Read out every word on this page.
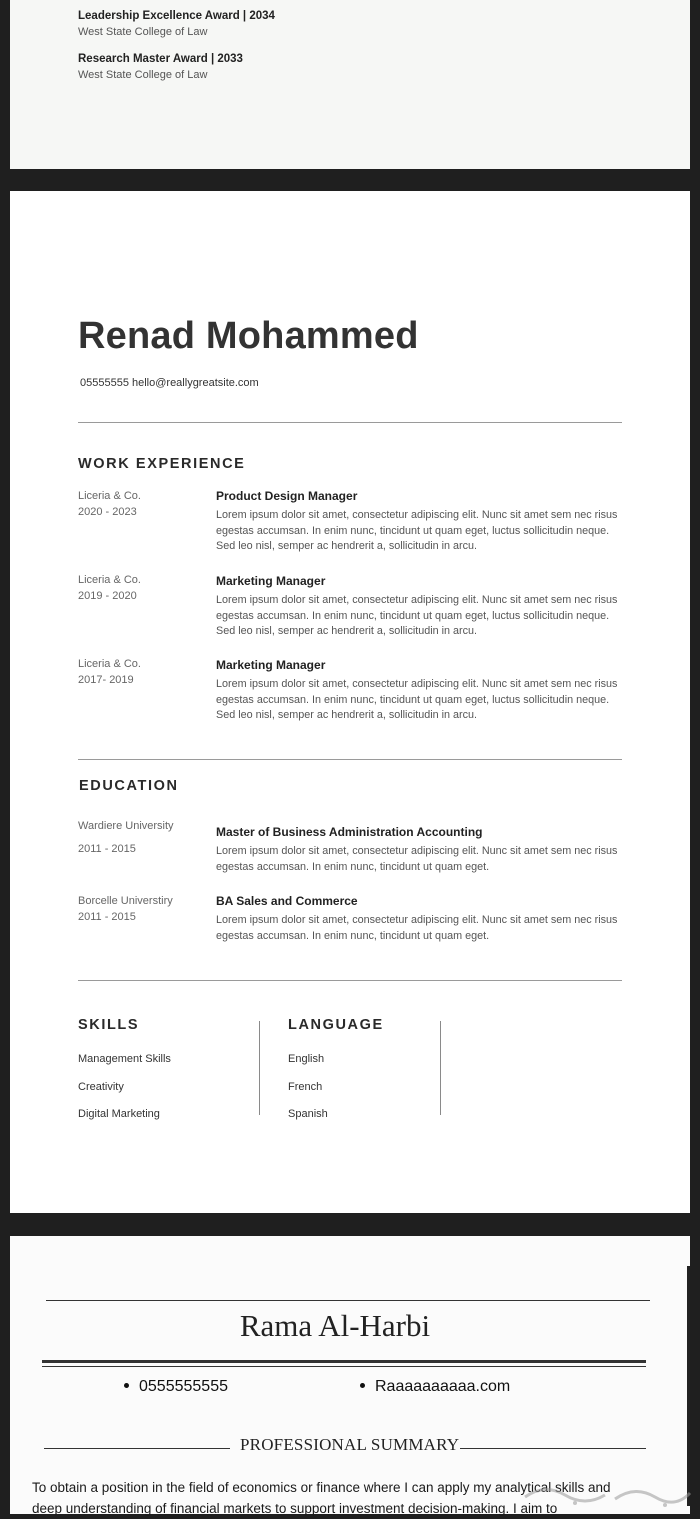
Leadership Excellence Award | 2034
West State College of Law
Research Master Award | 2033
West State College of Law
Renad Mohammed
05555555 hello@reallygreatsite.com
WORK EXPERIENCE
Liceria & Co.
2020 - 2023
Product Design Manager
Lorem ipsum dolor sit amet, consectetur adipiscing elit. Nunc sit amet sem nec risus egestas accumsan. In enim nunc, tincidunt ut quam eget, luctus sollicitudin neque. Sed leo nisl, semper ac hendrerit a, sollicitudin in arcu.
Liceria & Co.
2019 - 2020
Marketing Manager
Lorem ipsum dolor sit amet, consectetur adipiscing elit. Nunc sit amet sem nec risus egestas accumsan. In enim nunc, tincidunt ut quam eget, luctus sollicitudin neque. Sed leo nisl, semper ac hendrerit a, sollicitudin in arcu.
Liceria & Co.
2017- 2019
Marketing Manager
Lorem ipsum dolor sit amet, consectetur adipiscing elit. Nunc sit amet sem nec risus egestas accumsan. In enim nunc, tincidunt ut quam eget, luctus sollicitudin neque. Sed leo nisl, semper ac hendrerit a, sollicitudin in arcu.
EDUCATION
Wardiere University
2011 - 2015
Master of Business Administration Accounting
Lorem ipsum dolor sit amet, consectetur adipiscing elit. Nunc sit amet sem nec risus egestas accumsan. In enim nunc, tincidunt ut quam eget.
Borcelle Universtiry
2011 - 2015
BA Sales and Commerce
Lorem ipsum dolor sit amet, consectetur adipiscing elit. Nunc sit amet sem nec risus egestas accumsan. In enim nunc, tincidunt ut quam eget.
SKILLS
Management Skills
Creativity
Digital Marketing
LANGUAGE
English
French
Spanish
Rama Al-Harbi
0555555555	Raaaaaaaaaa.com
PROFESSIONAL SUMMARY
To obtain a position in the field of economics or finance where I can apply my analytical skills and deep understanding of financial markets to support investment decision-making. I aim to
